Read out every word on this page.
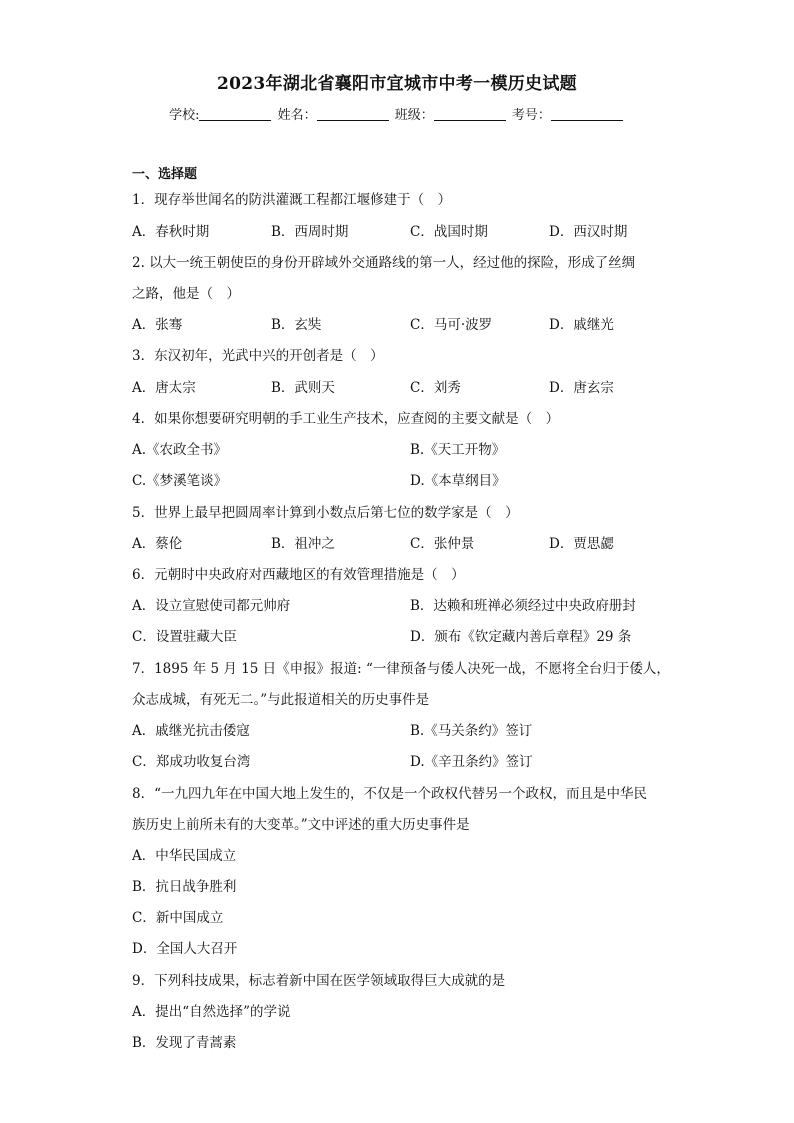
2023年湖北省襄阳市宜城市中考一模历史试题
学校:	姓名：	班级：	考号：
一、选择题
1．现存举世闻名的防洪灌溉工程都江堰修建于（　）
A．春秋时期	B．西周时期	C．战国时期	D．西汉时期
2. 以大一统王朝使臣的身份开辟域外交通路线的第一人，经过他的探险，形成了丝绸
之路，他是（　）
A．张骞	B．玄奘	C．马可·波罗	D．戚继光
3．东汉初年，光武中兴的开创者是（　）
A．唐太宗	B．武则天	C．刘秀	D．唐玄宗
4．如果你想要研究明朝的手工业生产技术，应查阅的主要文献是（　）
A.《农政全书》	B.《天工开物》
C.《梦溪笔谈》	D.《本草纲目》
5．世界上最早把圆周率计算到小数点后第七位的数学家是（　）
A．蔡伦	B．祖冲之	C．张仲景	D．贾思勰
6．元朝时中央政府对西藏地区的有效管理措施是（　）
A．设立宣慰使司都元帅府	B．达赖和班禅必须经过中央政府册封
C．设置驻藏大臣	D．颁布《钦定藏内善后章程》29 条
7．1895 年 5 月 15 日《申报》报道: “一律预备与倭人决死一战，不愿将全台归于倭人，
众志成城，有死无二。”与此报道相关的历史事件是
A．戚继光抗击倭寇	B.《马关条约》签订
C．郑成功收复台湾	D.《辛丑条约》签订
8．“一九四九年在中国大地上发生的，不仅是一个政权代替另一个政权，而且是中华民
族历史上前所未有的大变革。”文中评述的重大历史事件是
A．中华民国成立
B．抗日战争胜利
C．新中国成立
D．全国人大召开
9．下列科技成果，标志着新中国在医学领域取得巨大成就的是
A．提出“自然选择”的学说
B．发现了青蒿素
